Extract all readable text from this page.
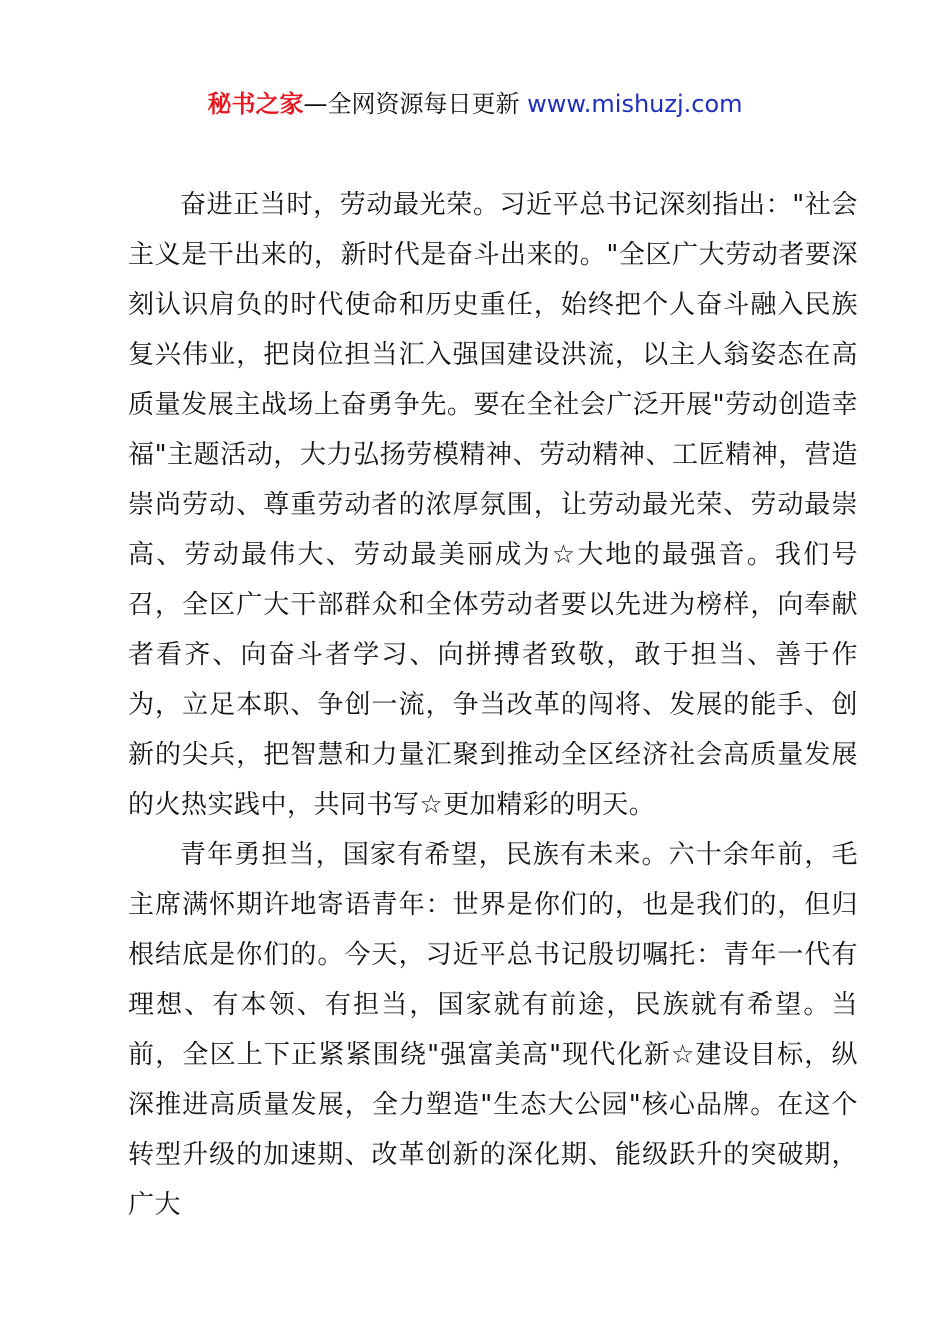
秘书之家—全网资源每日更新 www.mishuzj.com

奋进正当时，劳动最光荣。习近平总书记深刻指出："社会主义是干出来的，新时代是奋斗出来的。"全区广大劳动者要深刻认识肩负的时代使命和历史重任，始终把个人奋斗融入民族复兴伟业，把岗位担当汇入强国建设洪流，以主人翁姿态在高质量发展主战场上奋勇争先。要在全社会广泛开展"劳动创造幸福"主题活动，大力弘扬劳模精神、劳动精神、工匠精神，营造崇尚劳动、尊重劳动者的浓厚氛围，让劳动最光荣、劳动最崇高、劳动最伟大、劳动最美丽成为☆大地的最强音。我们号召，全区广大干部群众和全体劳动者要以先进为榜样，向奉献者看齐、向奋斗者学习、向拼搏者致敬，敢于担当、善于作为，立足本职、争创一流，争当改革的闯将、发展的能手、创新的尖兵，把智慧和力量汇聚到推动全区经济社会高质量发展的火热实践中，共同书写☆更加精彩的明天。

青年勇担当，国家有希望，民族有未来。六十余年前，毛主席满怀期许地寄语青年：世界是你们的，也是我们的，但归根结底是你们的。今天，习近平总书记殷切嘱托：青年一代有理想、有本领、有担当，国家就有前途，民族就有希望。当前，全区上下正紧紧围绕"强富美高"现代化新☆建设目标，纵深推进高质量发展，全力塑造"生态大公园"核心品牌。在这个转型升级的加速期、改革创新的深化期、能级跃升的突破期，广大
